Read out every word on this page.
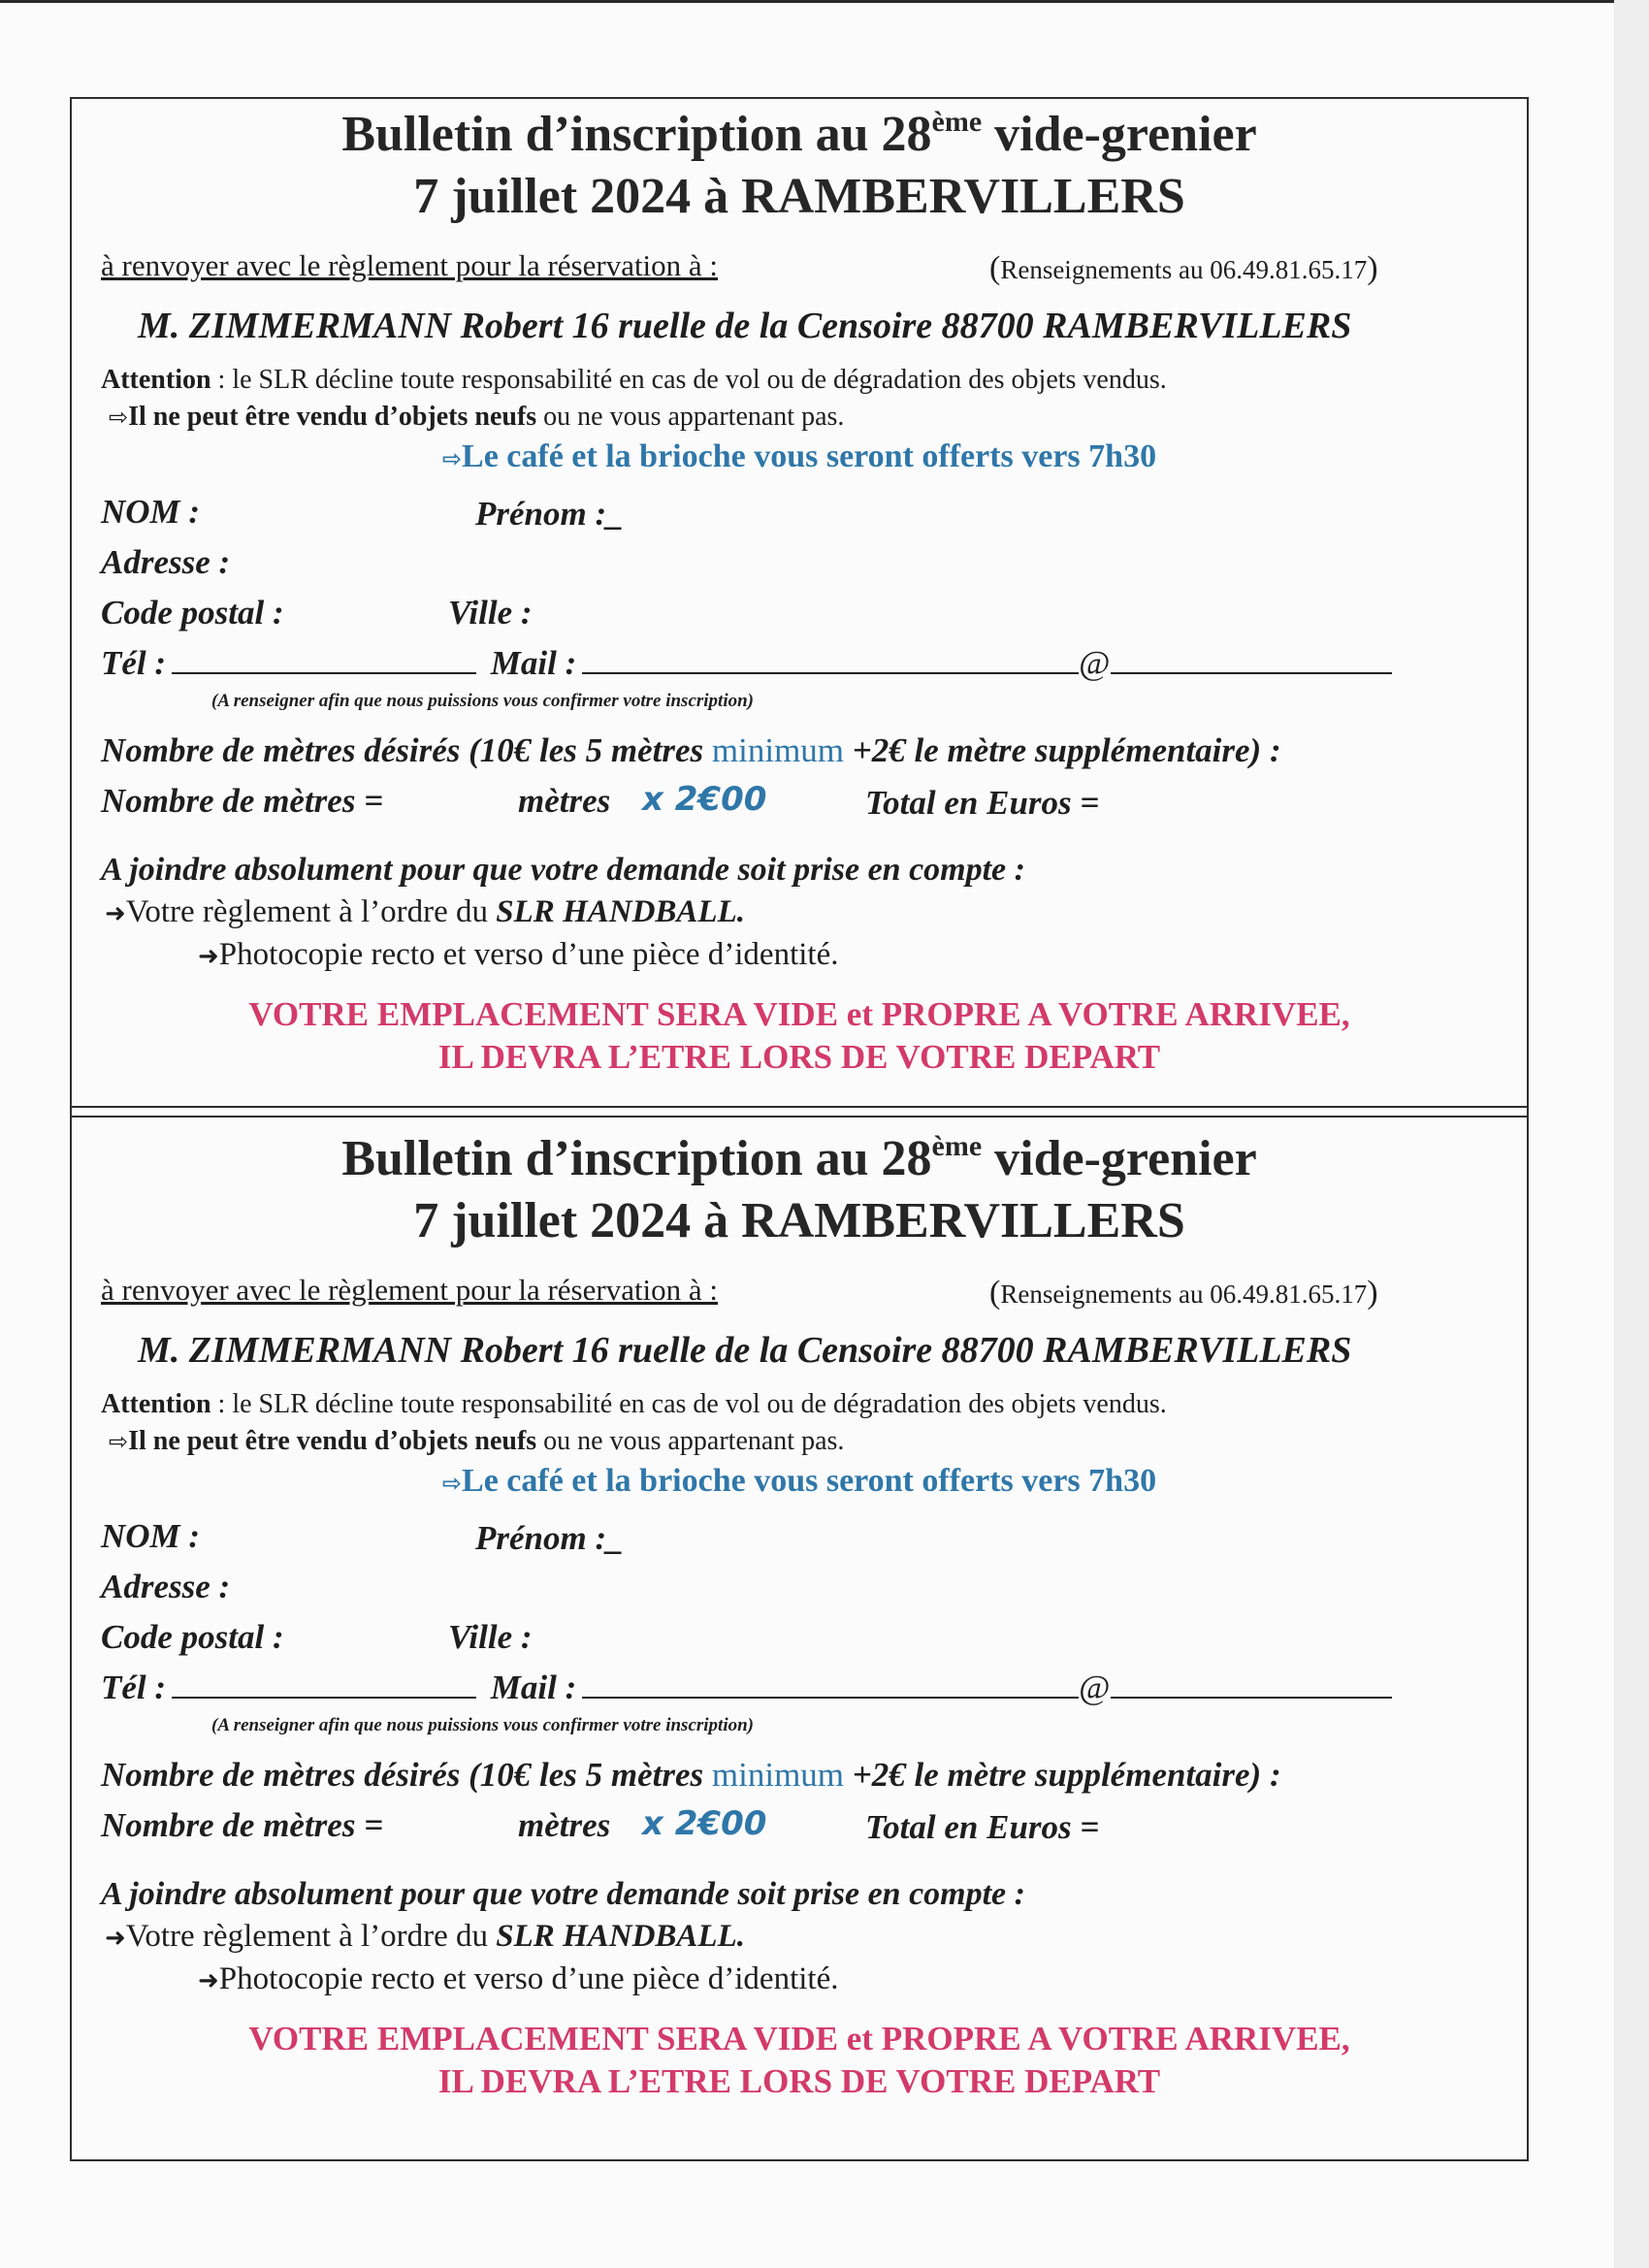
Bulletin d’inscription au 28ème vide-grenier
7 juillet 2024 à RAMBERVILLERS
à renvoyer avec le règlement pour la réservation à :	(Renseignements au 06.49.81.65.17)
M. ZIMMERMANN Robert 16 ruelle de la Censoire 88700 RAMBERVILLERS
Attention : le SLR décline toute responsabilité en cas de vol ou de dégradation des objets vendus.
⇨Il ne peut être vendu d’objets neufs ou ne vous appartenant pas.
⇨Le café et la brioche vous seront offerts vers 7h30
NOM :	Prénom :_
Adresse :
Code postal :	Ville :
Tél :	Mail :	@
(A renseigner afin que nous puissions vous confirmer votre inscription)
Nombre de mètres désirés (10€ les 5 mètres minimum +2€ le mètre supplémentaire) :
Nombre de mètres =	mètres x 2€00	Total en Euros =
A joindre absolument pour que votre demande soit prise en compte :
➜Votre règlement à l’ordre du SLR HANDBALL.
➜Photocopie recto et verso d’une pièce d’identité.
VOTRE EMPLACEMENT SERA VIDE et PROPRE A VOTRE ARRIVEE,
IL DEVRA L’ETRE LORS DE VOTRE DEPART
Bulletin d’inscription au 28ème vide-grenier
7 juillet 2024 à RAMBERVILLERS
à renvoyer avec le règlement pour la réservation à :	(Renseignements au 06.49.81.65.17)
M. ZIMMERMANN Robert 16 ruelle de la Censoire 88700 RAMBERVILLERS
Attention : le SLR décline toute responsabilité en cas de vol ou de dégradation des objets vendus.
⇨Il ne peut être vendu d’objets neufs ou ne vous appartenant pas.
⇨Le café et la brioche vous seront offerts vers 7h30
NOM :	Prénom :_
Adresse :
Code postal :	Ville :
Tél :	Mail :	@
(A renseigner afin que nous puissions vous confirmer votre inscription)
Nombre de mètres désirés (10€ les 5 mètres minimum +2€ le mètre supplémentaire) :
Nombre de mètres =	mètres x 2€00	Total en Euros =
A joindre absolument pour que votre demande soit prise en compte :
➜Votre règlement à l’ordre du SLR HANDBALL.
➜Photocopie recto et verso d’une pièce d’identité.
VOTRE EMPLACEMENT SERA VIDE et PROPRE A VOTRE ARRIVEE,
IL DEVRA L’ETRE LORS DE VOTRE DEPART
